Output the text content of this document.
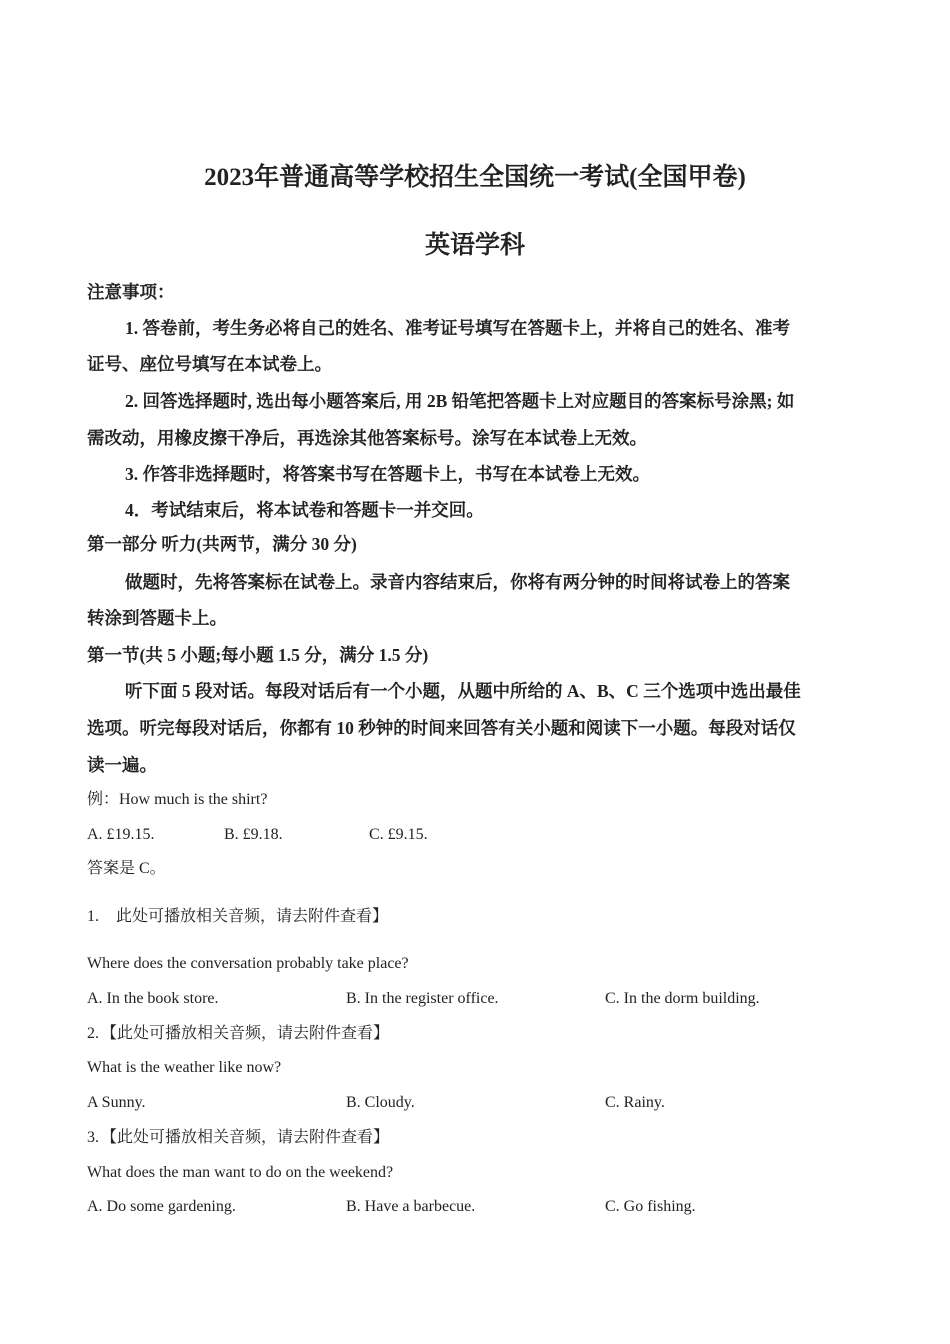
2023年普通高等学校招生全国统一考试(全国甲卷)
英语学科
注意事项：
1. 答卷前，考生务必将自己的姓名、准考证号填写在答题卡上，并将自己的姓名、准考
证号、座位号填写在本试卷上。
2. 回答选择题时, 选出每小题答案后, 用 2B 铅笔把答题卡上对应题目的答案标号涂黑; 如
需改动，用橡皮擦干净后，再选涂其他答案标号。涂写在本试卷上无效。
3. 作答非选择题时，将答案书写在答题卡上，书写在本试卷上无效。
4．考试结束后，将本试卷和答题卡一并交回。
第一部分 听力(共两节，满分 30 分)
做题时，先将答案标在试卷上。录音内容结束后，你将有两分钟的时间将试卷上的答案
转涂到答题卡上。
第一节(共 5 小题;每小题 1.5 分，满分 1.5 分)
听下面 5 段对话。每段对话后有一个小题，从题中所给的 A、B、C 三个选项中选出最佳
选项。听完每段对话后，你都有 10 秒钟的时间来回答有关小题和阅读下一小题。每段对话仅
读一遍。
例：How much is the shirt?
A. £19.15.	B. £9.18.	C. £9.15.
答案是 C。
1. 此处可播放相关音频，请去附件查看】
Where does the conversation probably take place?
A. In the book store.	B. In the register office.	C. In the dorm building.
2. 【此处可播放相关音频，请去附件查看】
What is the weather like now?
A Sunny.	B. Cloudy.	C. Rainy.
3. 【此处可播放相关音频，请去附件查看】
What does the man want to do on the weekend?
A. Do some gardening.	B. Have a barbecue.	C. Go fishing.
